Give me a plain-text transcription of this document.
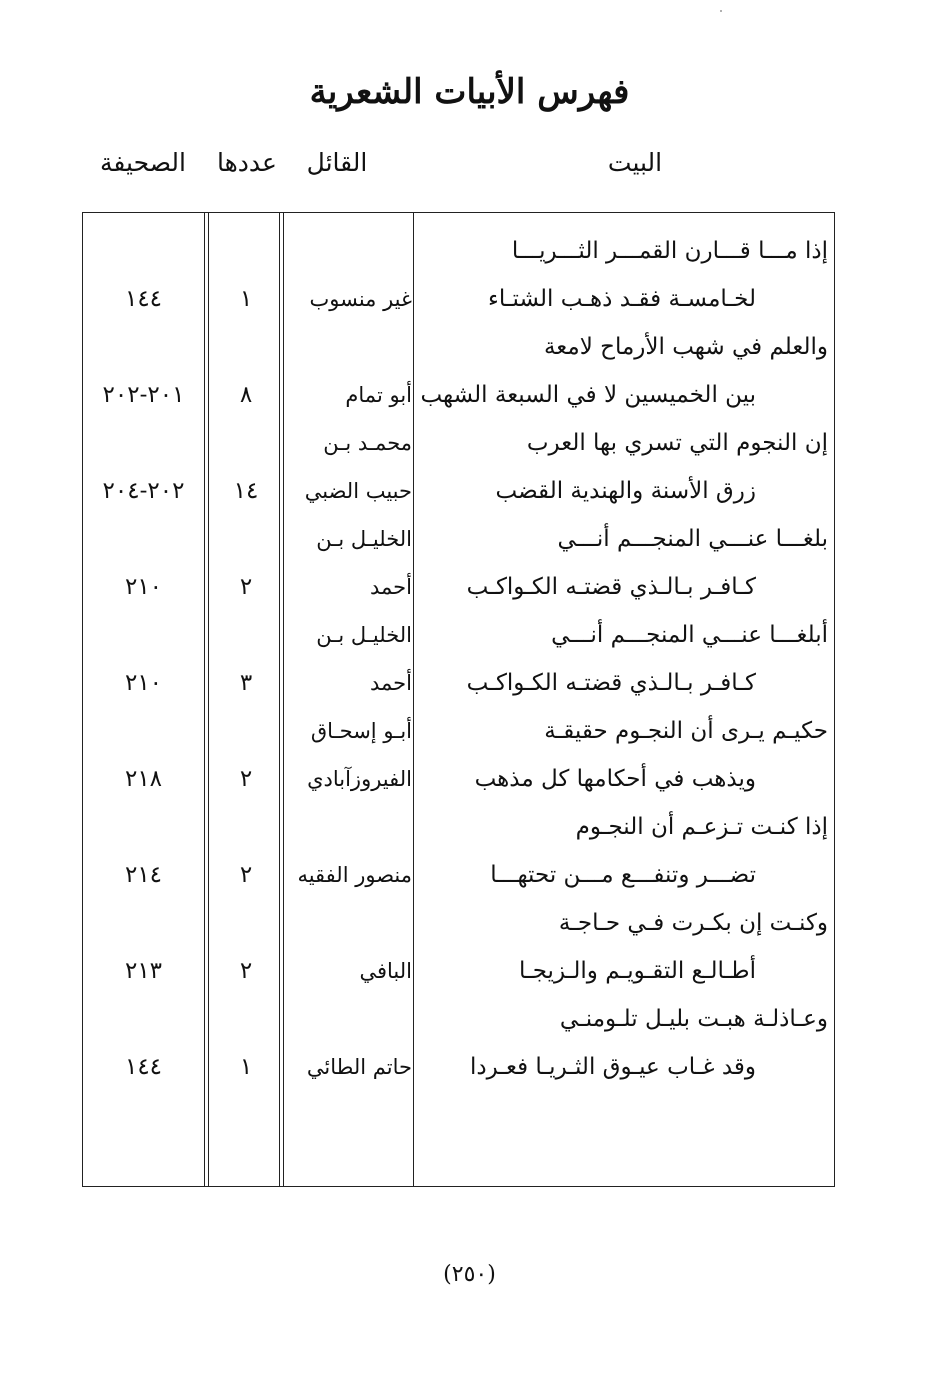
فهرس الأبيات الشعرية
البيت
القائل
عددها
الصحيفة
إذا مـــا قـــارن القمـــر الثـــريـــا
لخـامسـة فقـد ذهـب الشتـاء
غير منسوب
١
١٤٤
والعلم في شهب الأرماح لامعة
بين الخميسين لا في السبعة الشهب
أبو تمام
٨
٢٠١-٢٠٢
إن النجوم التي تسري بها العرب
محمـد بـن
زرق الأسنة والهندية القضب
حبيب الضبي
١٤
٢٠٢-٢٠٤
بلغـــا عنـــي المنجـــم أنـــي
الخليـل بـن
كـافـر بـالـذي قضتـه الكـواكـب
أحمد
٢
٢١٠
أبلغـــا عنـــي المنجـــم أنـــي
الخليـل بـن
كـافـر بـالـذي قضتـه الكـواكـب
أحمد
٣
٢١٠
حكيـم يـرى أن النجـوم حقيقـة
أبـو إسحـاق
ويذهب في أحكامها كل مذهب
الفيروزآبادي
٢
٢١٨
إذا كنـت تـزعـم أن النجـوم
تضـــر وتنفـــع مـــن تحتهـــا
منصور الفقيه
٢
٢١٤
وكنـت إن بكـرت فـي حـاجـة
أطـالـع التقـويـم والـزيجـا
البافي
٢
٢١٣
وعـاذلـة هبـت بليـل تلـومنـي
وقد غـاب عيـوق الثـريـا فعـردا
حاتم الطائي
١
١٤٤
(٢٥٠)
